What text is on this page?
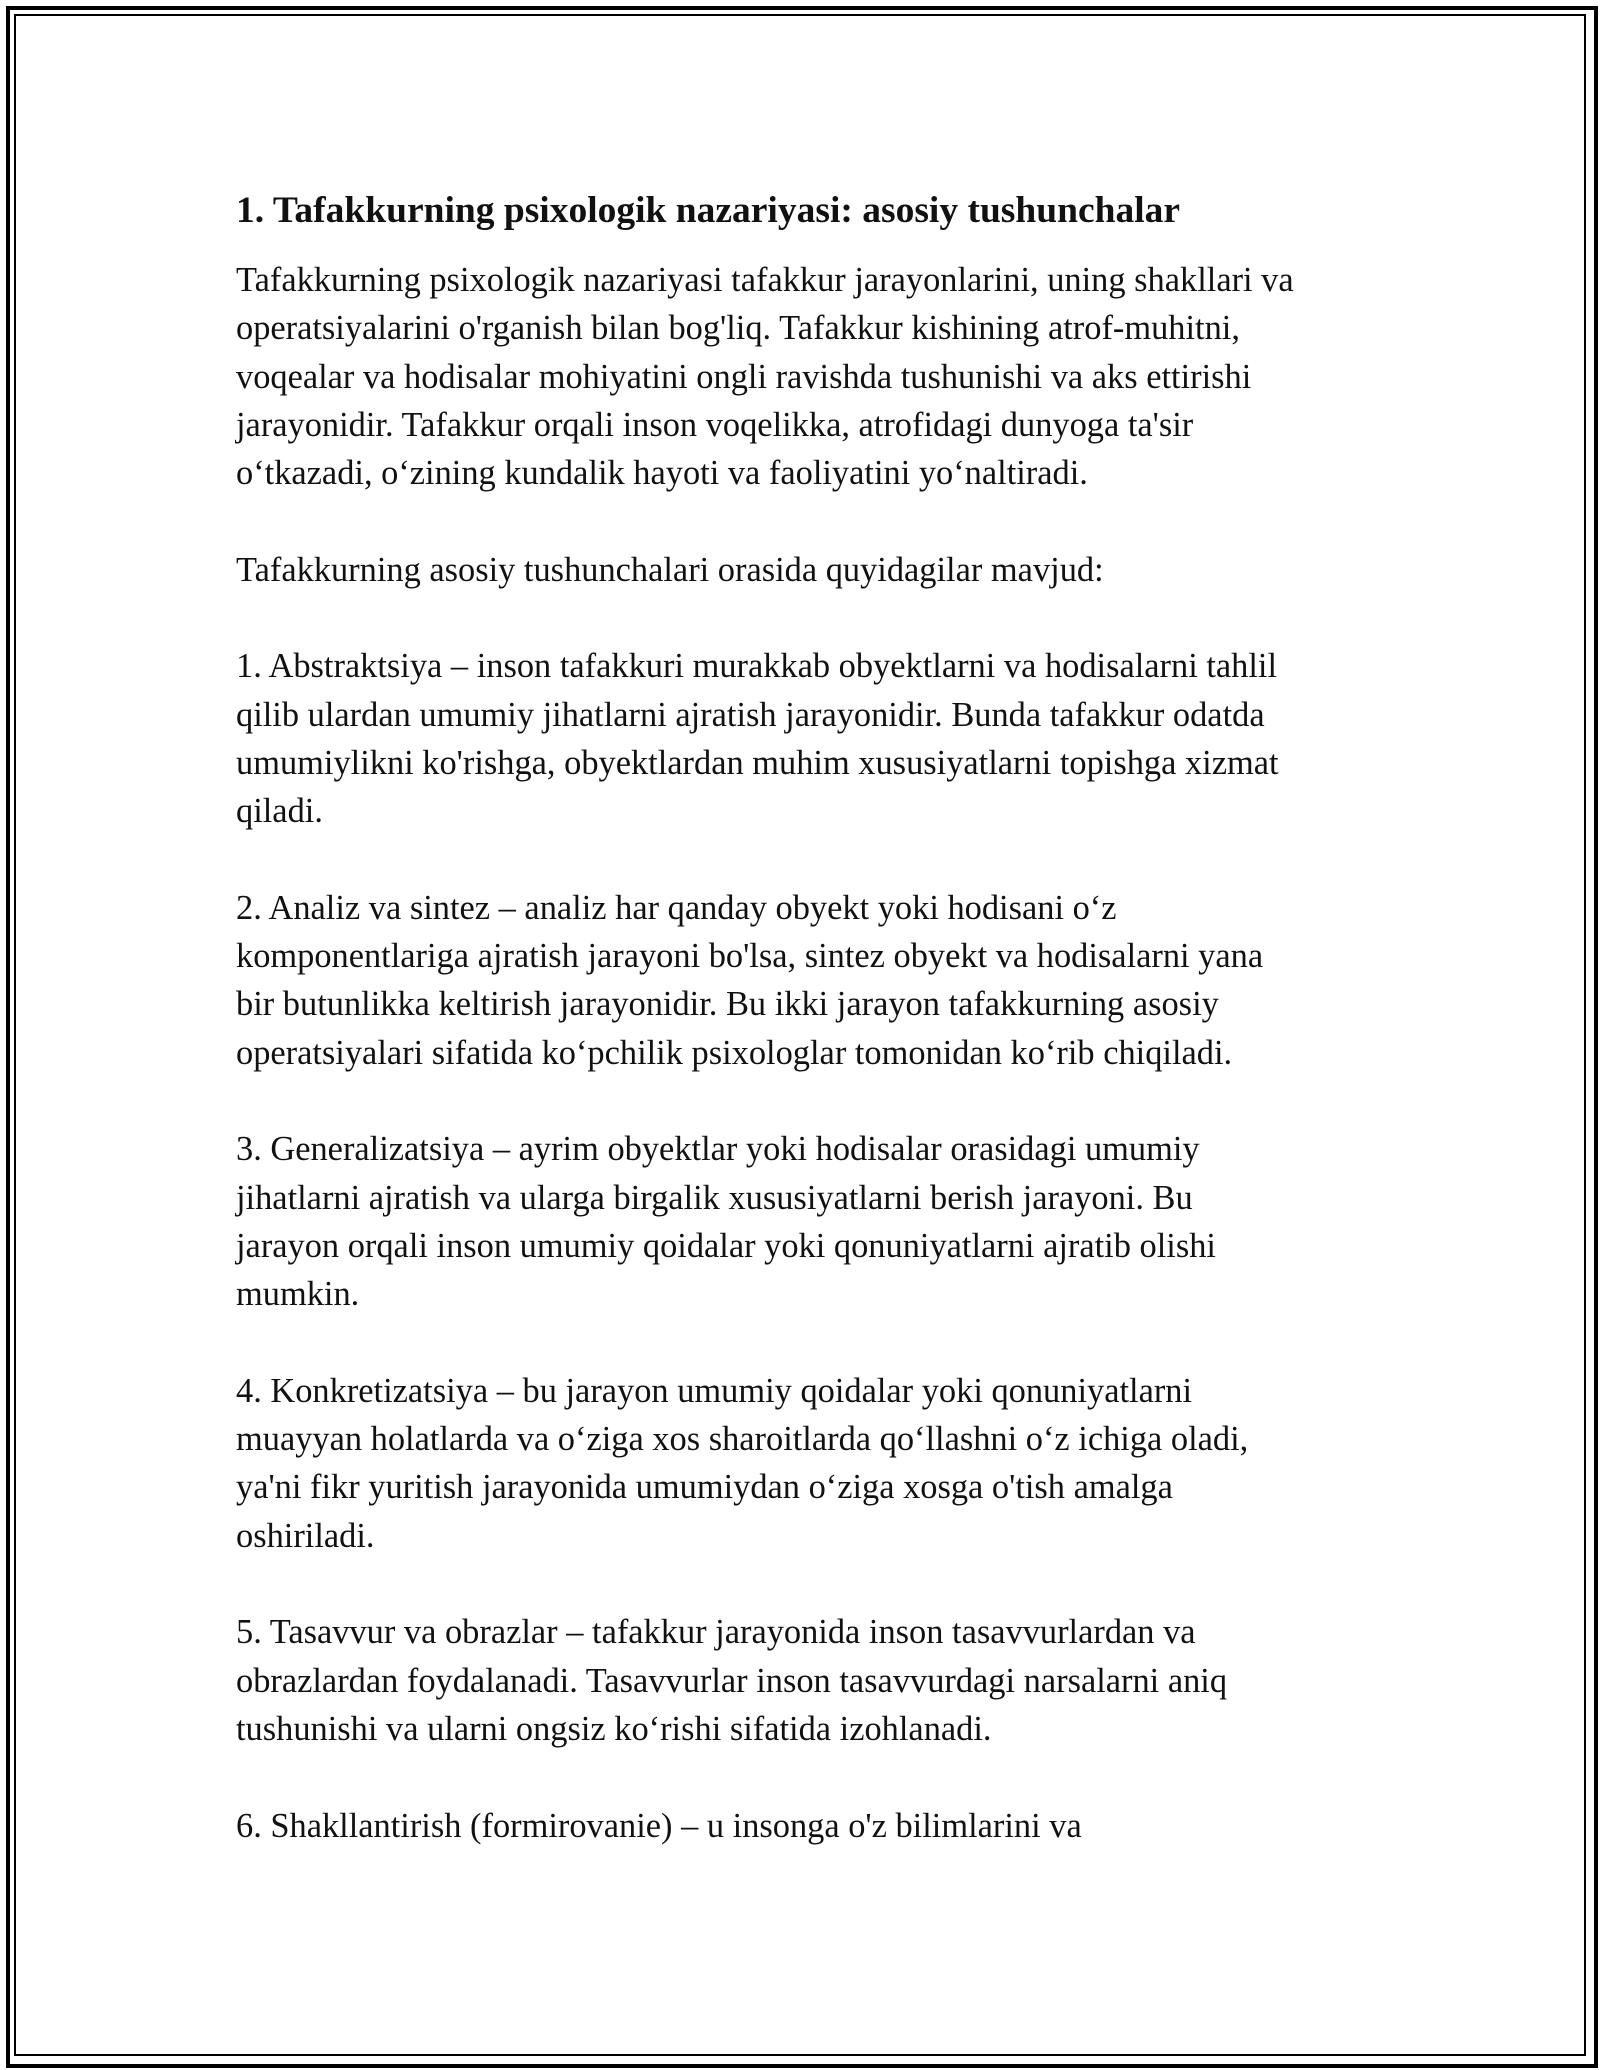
1. Tafakkurning psixologik nazariyasi: asosiy tushunchalar

Tafakkurning psixologik nazariyasi tafakkur jarayonlarini, uning shakllari va
operatsiyalarini o'rganish bilan bog'liq. Tafakkur kishining atrof-muhitni,
voqealar va hodisalar mohiyatini ongli ravishda tushunishi va aks ettirishi
jarayonidir. Tafakkur orqali inson voqelikka, atrofidagi dunyoga ta'sir
o‘tkazadi, o‘zining kundalik hayoti va faoliyatini yo‘naltiradi.

Tafakkurning asosiy tushunchalari orasida quyidagilar mavjud:

1. Abstraktsiya – inson tafakkuri murakkab obyektlarni va hodisalarni tahlil
qilib ulardan umumiy jihatlarni ajratish jarayonidir. Bunda tafakkur odatda
umumiylikni ko'rishga, obyektlardan muhim xususiyatlarni topishga xizmat
qiladi.

2. Analiz va sintez – analiz har qanday obyekt yoki hodisani o‘z
komponentlariga ajratish jarayoni bo'lsa, sintez obyekt va hodisalarni yana
bir butunlikka keltirish jarayonidir. Bu ikki jarayon tafakkurning asosiy
operatsiyalari sifatida ko‘pchilik psixologlar tomonidan ko‘rib chiqiladi.

3. Generalizatsiya – ayrim obyektlar yoki hodisalar orasidagi umumiy
jihatlarni ajratish va ularga birgalik xususiyatlarni berish jarayoni. Bu
jarayon orqali inson umumiy qoidalar yoki qonuniyatlarni ajratib olishi
mumkin.

4. Konkretizatsiya – bu jarayon umumiy qoidalar yoki qonuniyatlarni
muayyan holatlarda va o‘ziga xos sharoitlarda qo‘llashni o‘z ichiga oladi,
ya'ni fikr yuritish jarayonida umumiydan o‘ziga xosga o'tish amalga
oshiriladi.

5. Tasavvur va obrazlar – tafakkur jarayonida inson tasavvurlardan va
obrazlardan foydalanadi. Tasavvurlar inson tasavvurdagi narsalarni aniq
tushunishi va ularni ongsiz ko‘rishi sifatida izohlanadi.

6. Shakllantirish (formirovanie) – u insonga o'z bilimlarini va
